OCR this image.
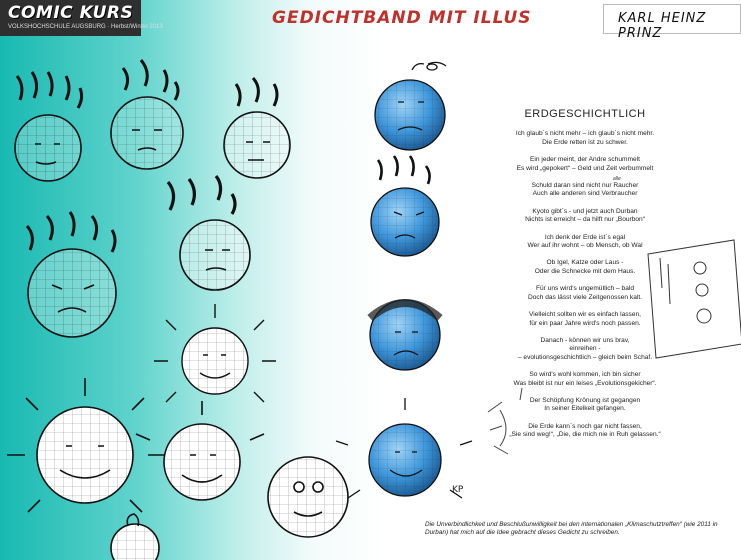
COMIC KURS
VOLKSHOCHSCHULE AUGSBURG · Herbst/Winter 2013	GEDICHTBAND MIT ILLUS	KARL HEINZ PRINZ
KP
ERDGESCHICHTLICH
Ich glaub´s nicht mehr – ich glaub´s nicht mehr.
Die Erde retten ist zu schwer.
Ein jeder meint, der Andre schummelt
Es wird „gepokert“ – Geld und Zeit verbummelt
alle
Schuld daran sind nicht nur Raucher
Auch alle anderen sind Verbraucher
Kyoto gibt´s - und jetzt auch Durban
Nichts ist erreicht – da hilft nur „Bourbon“
Ich denk der Erde ist´s egal
Wer auf ihr wohnt – ob Mensch, ob Wal
Ob Igel, Katze oder Laus -
Oder die Schnecke mit dem Haus.
Für uns wird's ungemütlich – bald
Doch das lässt viele Zeitgenossen kalt.
Vielleicht sollten wir es einfach lassen,
für ein paar Jahre wird's noch passen.
Danach - können wir uns brav,
einreihen -
– evolutionsgeschichtlich – gleich beim Schaf.
So wird's wohl kommen, ich bin sicher
Was bleibt ist nur ein leises „Evolutionsgekicher“.
Der Schöpfung Krönung ist gegangen
In seiner Eitelkeit gefangen.
Die Erde kann´s noch gar nicht fassen,
„Sie sind weg!“, „Die, die mich nie in Ruh gelassen.“
Die Unverbindlichkeit und Beschlußunwilligkeit bei den internationalen „Klimaschutztreffen“ (wie 2011 in Durban) hat mich auf die Idee gebracht dieses Gedicht zu schreiben.
